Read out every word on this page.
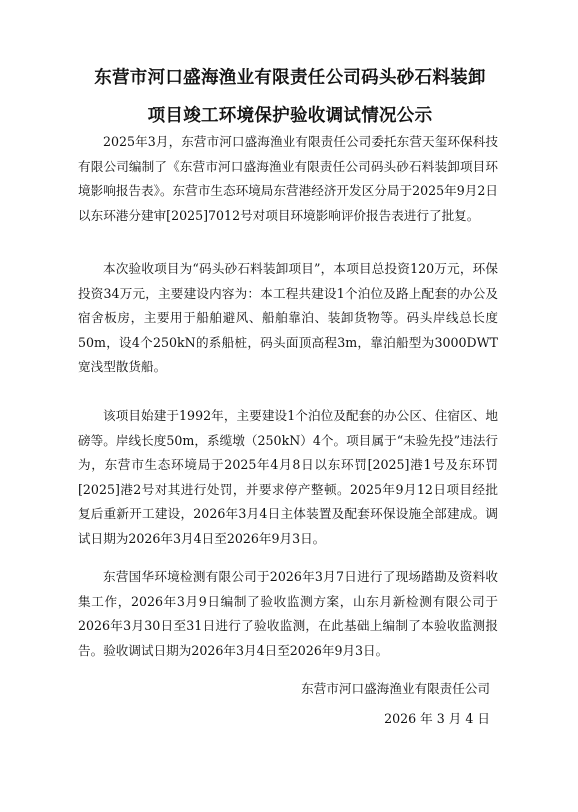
东营市河口盛海渔业有限责任公司码头砂石料装卸
项目竣工环境保护验收调试情况公示

2025年3月，东营市河口盛海渔业有限责任公司委托东营天玺环保科技有限公司编制了《东营市河口盛海渔业有限责任公司码头砂石料装卸项目环境影响报告表》。东营市生态环境局东营港经济开发区分局于2025年9月2日以东环港分建审[2025]7012号对项目环境影响评价报告表进行了批复。

本次验收项目为“码头砂石料装卸项目”，本项目总投资120万元，环保投资34万元，主要建设内容为：本工程共建设1个泊位及路上配套的办公及宿舍板房，主要用于船舶避风、船舶靠泊、装卸货物等。码头岸线总长度50m，设4个250kN的系船桩，码头面顶高程3m，靠泊船型为3000DWT宽浅型散货船。

该项目始建于1992年，主要建设1个泊位及配套的办公区、住宿区、地磅等。岸线长度50m，系缆墩（250kN）4个。项目属于“未验先投”违法行为，东营市生态环境局于2025年4月8日以东环罚[2025]港1号及东环罚[2025]港2号对其进行处罚，并要求停产整顿。2025年9月12日项目经批复后重新开工建设，2026年3月4日主体装置及配套环保设施全部建成。调试日期为2026年3月4日至2026年9月3日。

东营国华环境检测有限公司于2026年3月7日进行了现场踏勘及资料收集工作，2026年3月9日编制了验收监测方案，山东月新检测有限公司于2026年3月30日至31日进行了验收监测，在此基础上编制了本验收监测报告。验收调试日期为2026年3月4日至2026年9月3日。

东营市河口盛海渔业有限责任公司
2026 年 3 月 4 日
